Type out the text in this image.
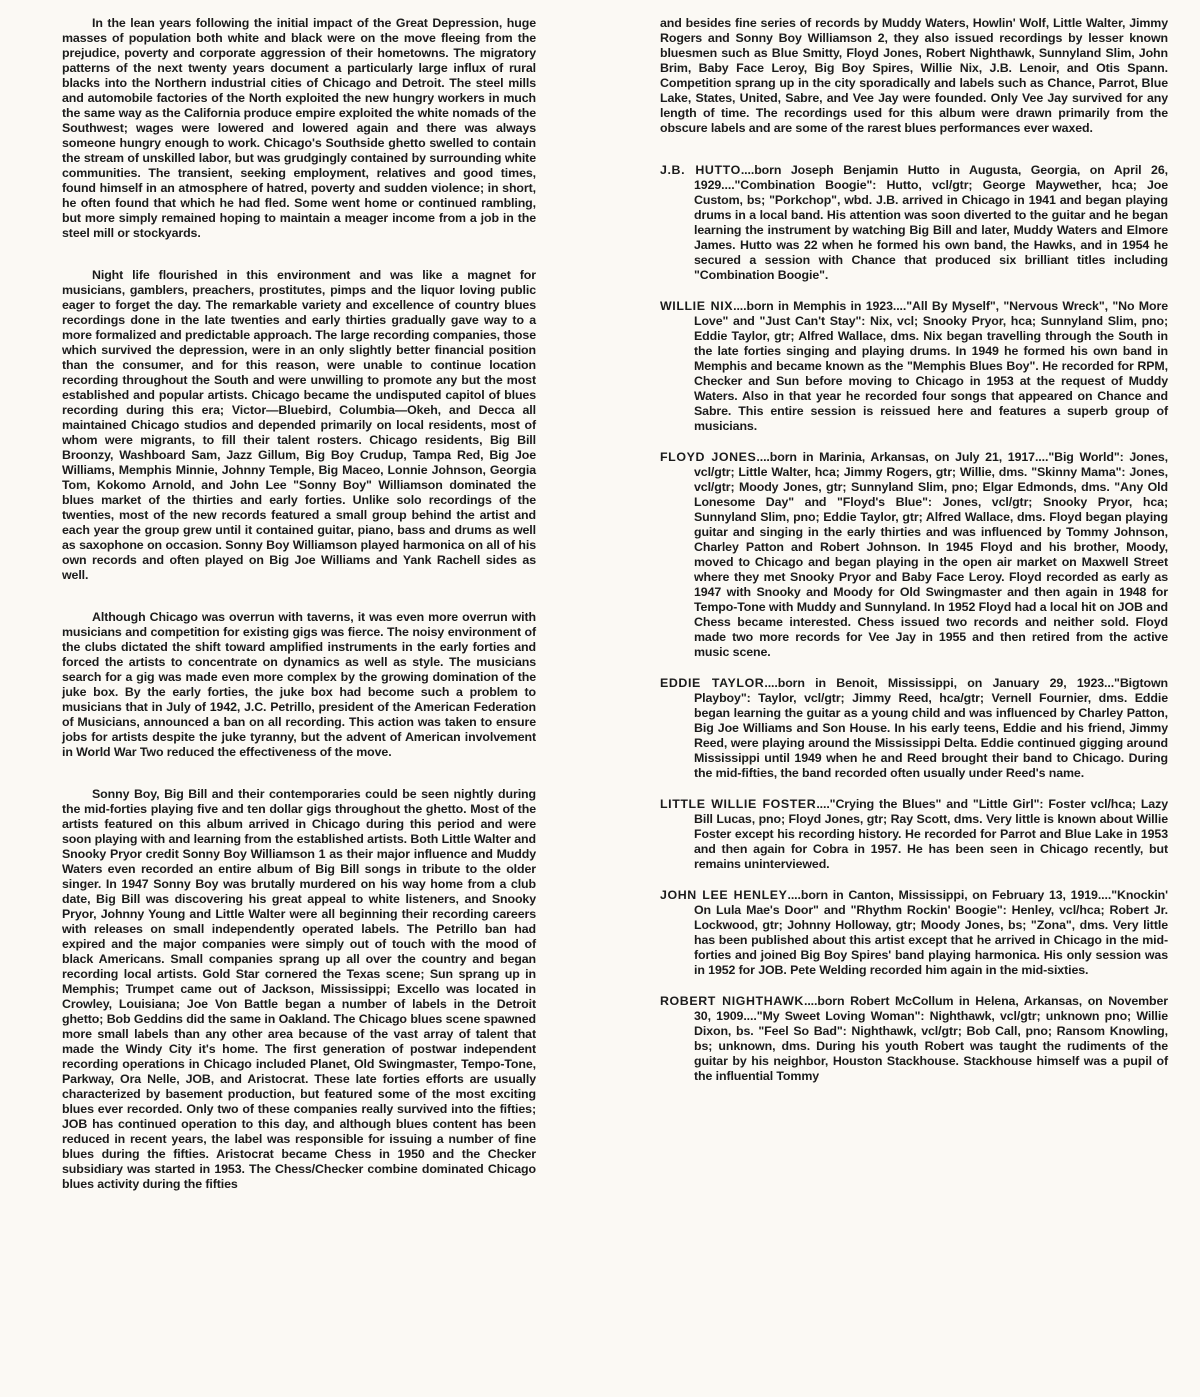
In the lean years following the initial impact of the Great Depression, huge masses of population both white and black were on the move fleeing from the prejudice, poverty and corporate aggression of their hometowns. The migratory patterns of the next twenty years document a particularly large influx of rural blacks into the Northern industrial cities of Chicago and Detroit. The steel mills and automobile factories of the North exploited the new hungry workers in much the same way as the California produce empire exploited the white nomads of the Southwest; wages were lowered and lowered again and there was always someone hungry enough to work. Chicago's Southside ghetto swelled to contain the stream of unskilled labor, but was grudgingly contained by surrounding white communities. The transient, seeking employment, relatives and good times, found himself in an atmosphere of hatred, poverty and sudden violence; in short, he often found that which he had fled. Some went home or continued rambling, but more simply remained hoping to maintain a meager income from a job in the steel mill or stockyards.

Night life flourished in this environment and was like a magnet for musicians, gamblers, preachers, prostitutes, pimps and the liquor loving public eager to forget the day. The remarkable variety and excellence of country blues recordings done in the late twenties and early thirties gradually gave way to a more formalized and predictable approach. The large recording companies, those which survived the depression, were in an only slightly better financial position than the consumer, and for this reason, were unable to continue location recording throughout the South and were unwilling to promote any but the most established and popular artists. Chicago became the undisputed capitol of blues recording during this era; Victor—Bluebird, Columbia—Okeh, and Decca all maintained Chicago studios and depended primarily on local residents, most of whom were migrants, to fill their talent rosters. Chicago residents, Big Bill Broonzy, Washboard Sam, Jazz Gillum, Big Boy Crudup, Tampa Red, Big Joe Williams, Memphis Minnie, Johnny Temple, Big Maceo, Lonnie Johnson, Georgia Tom, Kokomo Arnold, and John Lee "Sonny Boy" Williamson dominated the blues market of the thirties and early forties. Unlike solo recordings of the twenties, most of the new records featured a small group behind the artist and each year the group grew until it contained guitar, piano, bass and drums as well as saxophone on occasion. Sonny Boy Williamson played harmonica on all of his own records and often played on Big Joe Williams and Yank Rachell sides as well.

Although Chicago was overrun with taverns, it was even more overrun with musicians and competition for existing gigs was fierce. The noisy environment of the clubs dictated the shift toward amplified instruments in the early forties and forced the artists to concentrate on dynamics as well as style. The musicians search for a gig was made even more complex by the growing domination of the juke box. By the early forties, the juke box had become such a problem to musicians that in July of 1942, J.C. Petrillo, president of the American Federation of Musicians, announced a ban on all recording. This action was taken to ensure jobs for artists despite the juke tyranny, but the advent of American involvement in World War Two reduced the effectiveness of the move.

Sonny Boy, Big Bill and their contemporaries could be seen nightly during the mid-forties playing five and ten dollar gigs throughout the ghetto. Most of the artists featured on this album arrived in Chicago during this period and were soon playing with and learning from the established artists. Both Little Walter and Snooky Pryor credit Sonny Boy Williamson 1 as their major influence and Muddy Waters even recorded an entire album of Big Bill songs in tribute to the older singer. In 1947 Sonny Boy was brutally murdered on his way home from a club date, Big Bill was discovering his great appeal to white listeners, and Snooky Pryor, Johnny Young and Little Walter were all beginning their recording careers with releases on small independently operated labels. The Petrillo ban had expired and the major companies were simply out of touch with the mood of black Americans. Small companies sprang up all over the country and began recording local artists. Gold Star cornered the Texas scene; Sun sprang up in Memphis; Trumpet came out of Jackson, Mississippi; Excello was located in Crowley, Louisiana; Joe Von Battle began a number of labels in the Detroit ghetto; Bob Geddins did the same in Oakland. The Chicago blues scene spawned more small labels than any other area because of the vast array of talent that made the Windy City it's home. The first generation of postwar independent recording operations in Chicago included Planet, Old Swingmaster, Tempo-Tone, Parkway, Ora Nelle, JOB, and Aristocrat. These late forties efforts are usually characterized by basement production, but featured some of the most exciting blues ever recorded. Only two of these companies really survived into the fifties; JOB has continued operation to this day, and although blues content has been reduced in recent years, the label was responsible for issuing a number of fine blues during the fifties. Aristocrat became Chess in 1950 and the Checker subsidiary was started in 1953. The Chess/Checker combine dominated Chicago blues activity during the fifties

and besides fine series of records by Muddy Waters, Howlin' Wolf, Little Walter, Jimmy Rogers and Sonny Boy Williamson 2, they also issued recordings by lesser known bluesmen such as Blue Smitty, Floyd Jones, Robert Nighthawk, Sunnyland Slim, John Brim, Baby Face Leroy, Big Boy Spires, Willie Nix, J.B. Lenoir, and Otis Spann. Competition sprang up in the city sporadically and labels such as Chance, Parrot, Blue Lake, States, United, Sabre, and Vee Jay were founded. Only Vee Jay survived for any length of time. The recordings used for this album were drawn primarily from the obscure labels and are some of the rarest blues performances ever waxed.

J.B. HUTTO....born Joseph Benjamin Hutto in Augusta, Georgia, on April 26, 1929...."Combination Boogie": Hutto, vcl/gtr; George Maywether, hca; Joe Custom, bs; "Porkchop", wbd. J.B. arrived in Chicago in 1941 and began playing drums in a local band. His attention was soon diverted to the guitar and he began learning the instrument by watching Big Bill and later, Muddy Waters and Elmore James. Hutto was 22 when he formed his own band, the Hawks, and in 1954 he secured a session with Chance that produced six brilliant titles including "Combination Boogie".

WILLIE NIX....born in Memphis in 1923...."All By Myself", "Nervous Wreck", "No More Love" and "Just Can't Stay": Nix, vcl; Snooky Pryor, hca; Sunnyland Slim, pno; Eddie Taylor, gtr; Alfred Wallace, dms. Nix began travelling through the South in the late forties singing and playing drums. In 1949 he formed his own band in Memphis and became known as the "Memphis Blues Boy". He recorded for RPM, Checker and Sun before moving to Chicago in 1953 at the request of Muddy Waters. Also in that year he recorded four songs that appeared on Chance and Sabre. This entire session is reissued here and features a superb group of musicians.

FLOYD JONES....born in Marinia, Arkansas, on July 21, 1917...."Big World": Jones, vcl/gtr; Little Walter, hca; Jimmy Rogers, gtr; Willie, dms. "Skinny Mama": Jones, vcl/gtr; Moody Jones, gtr; Sunnyland Slim, pno; Elgar Edmonds, dms. "Any Old Lonesome Day" and "Floyd's Blue": Jones, vcl/gtr; Snooky Pryor, hca; Sunnyland Slim, pno; Eddie Taylor, gtr; Alfred Wallace, dms. Floyd began playing guitar and singing in the early thirties and was influenced by Tommy Johnson, Charley Patton and Robert Johnson. In 1945 Floyd and his brother, Moody, moved to Chicago and began playing in the open air market on Maxwell Street where they met Snooky Pryor and Baby Face Leroy. Floyd recorded as early as 1947 with Snooky and Moody for Old Swingmaster and then again in 1948 for Tempo-Tone with Muddy and Sunnyland. In 1952 Floyd had a local hit on JOB and Chess became interested. Chess issued two records and neither sold. Floyd made two more records for Vee Jay in 1955 and then retired from the active music scene.

EDDIE TAYLOR....born in Benoit, Mississippi, on January 29, 1923..."Bigtown Playboy": Taylor, vcl/gtr; Jimmy Reed, hca/gtr; Vernell Fournier, dms. Eddie began learning the guitar as a young child and was influenced by Charley Patton, Big Joe Williams and Son House. In his early teens, Eddie and his friend, Jimmy Reed, were playing around the Mississippi Delta. Eddie continued gigging around Mississippi until 1949 when he and Reed brought their band to Chicago. During the mid-fifties, the band recorded often usually under Reed's name.

LITTLE WILLIE FOSTER...."Crying the Blues" and "Little Girl": Foster vcl/hca; Lazy Bill Lucas, pno; Floyd Jones, gtr; Ray Scott, dms. Very little is known about Willie Foster except his recording history. He recorded for Parrot and Blue Lake in 1953 and then again for Cobra in 1957. He has been seen in Chicago recently, but remains uninterviewed.

JOHN LEE HENLEY....born in Canton, Mississippi, on February 13, 1919...."Knockin' On Lula Mae's Door" and "Rhythm Rockin' Boogie": Henley, vcl/hca; Robert Jr. Lockwood, gtr; Johnny Holloway, gtr; Moody Jones, bs; "Zona", dms. Very little has been published about this artist except that he arrived in Chicago in the mid-forties and joined Big Boy Spires' band playing harmonica. His only session was in 1952 for JOB. Pete Welding recorded him again in the mid-sixties.

ROBERT NIGHTHAWK....born Robert McCollum in Helena, Arkansas, on November 30, 1909...."My Sweet Loving Woman": Nighthawk, vcl/gtr; unknown pno; Willie Dixon, bs. "Feel So Bad": Nighthawk, vcl/gtr; Bob Call, pno; Ransom Knowling, bs; unknown, dms. During his youth Robert was taught the rudiments of the guitar by his neighbor, Houston Stackhouse. Stackhouse himself was a pupil of the influential Tommy
